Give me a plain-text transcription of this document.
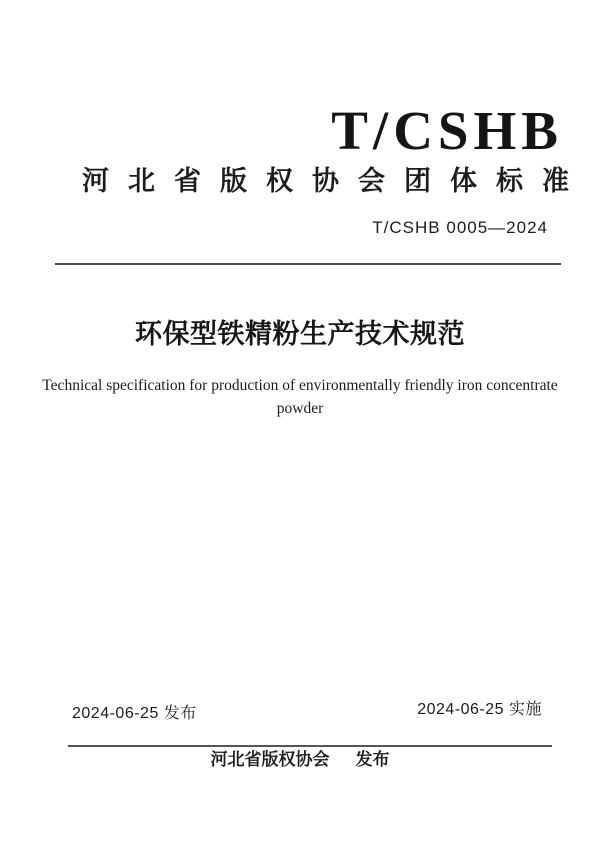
T/CSHB
河 北 省 版 权 协 会 团 体 标 准
T/CSHB 0005—2024
环保型铁精粉生产技术规范
Technical specification for production of environmentally friendly iron concentrate
powder
2024-06-25 发布	2024-06-25 实施
河北省版权协会 发布
